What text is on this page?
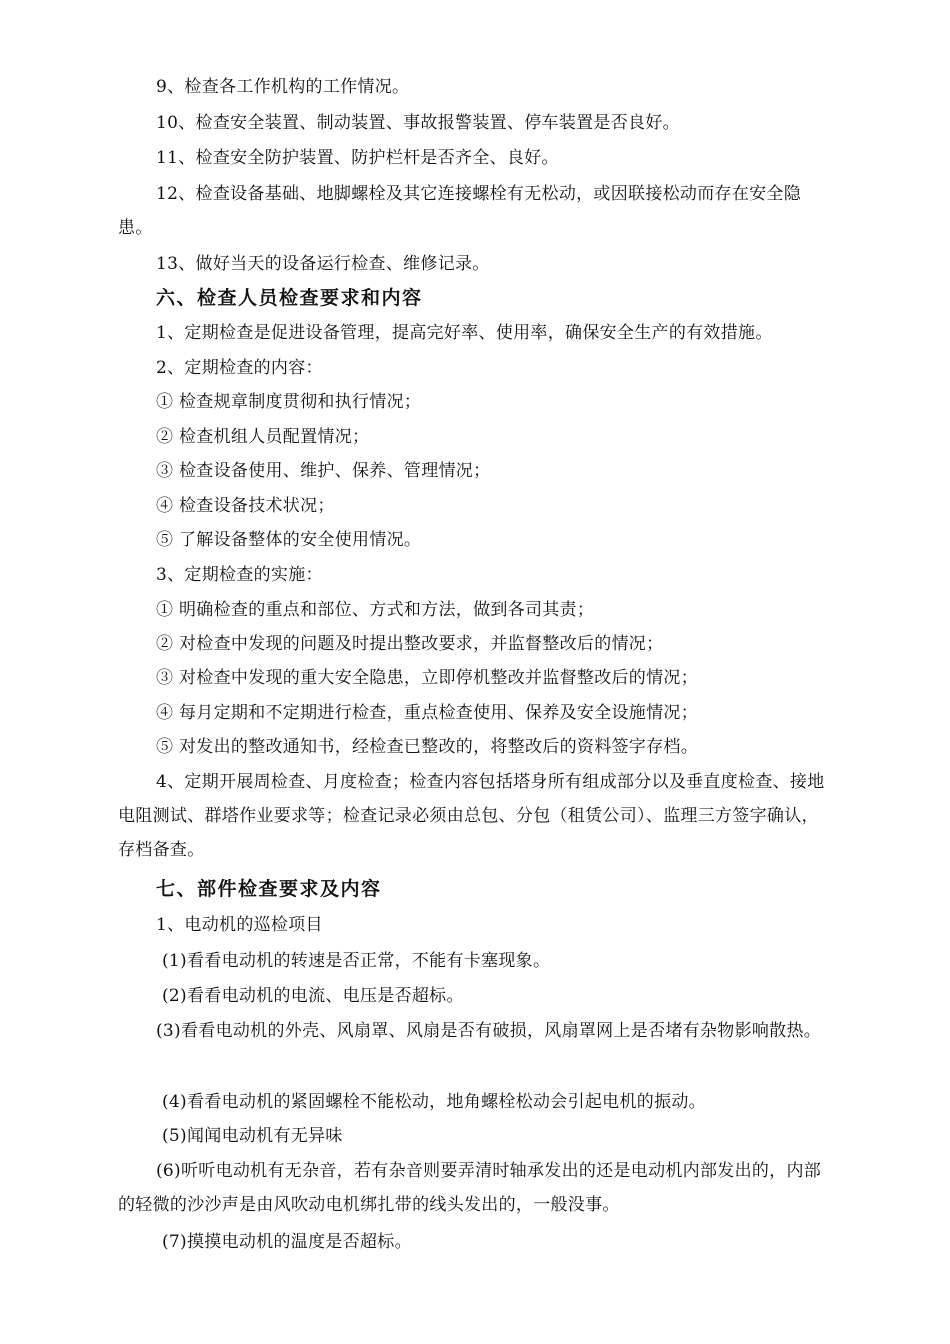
9、检查各工作机构的工作情况。
10、检查安全装置、制动装置、事故报警装置、停车装置是否良好。
11、检查安全防护装置、防护栏杆是否齐全、良好。
12、检查设备基础、地脚螺栓及其它连接螺栓有无松动，或因联接松动而存在安全隐患。
13、做好当天的设备运行检查、维修记录。
六、检查人员检查要求和内容
1、定期检查是促进设备管理，提高完好率、使用率，确保安全生产的有效措施。
2、定期检查的内容：
① 检查规章制度贯彻和执行情况；
② 检查机组人员配置情况；
③ 检查设备使用、维护、保养、管理情况；
④ 检查设备技术状况；
⑤ 了解设备整体的安全使用情况。
3、定期检查的实施：
① 明确检查的重点和部位、方式和方法，做到各司其责；
② 对检查中发现的问题及时提出整改要求，并监督整改后的情况；
③ 对检查中发现的重大安全隐患，立即停机整改并监督整改后的情况；
④ 每月定期和不定期进行检查，重点检查使用、保养及安全设施情况；
⑤ 对发出的整改通知书，经检查已整改的，将整改后的资料签字存档。
4、定期开展周检查、月度检查；检查内容包括塔身所有组成部分以及垂直度检查、接地电阻测试、群塔作业要求等；检查记录必须由总包、分包（租赁公司）、监理三方签字确认，存档备查。
七、部件检查要求及内容
1、电动机的巡检项目
(1)看看电动机的转速是否正常，不能有卡塞现象。
(2)看看电动机的电流、电压是否超标。
(3)看看电动机的外壳、风扇罩、风扇是否有破损，风扇罩网上是否堵有杂物影响散热。
(4)看看电动机的紧固螺栓不能松动，地角螺栓松动会引起电机的振动。
(5)闻闻电动机有无异味
(6)听听电动机有无杂音，若有杂音则要弄清时轴承发出的还是电动机内部发出的，内部的轻微的沙沙声是由风吹动电机绑扎带的线头发出的，一般没事。
(7)摸摸电动机的温度是否超标。
